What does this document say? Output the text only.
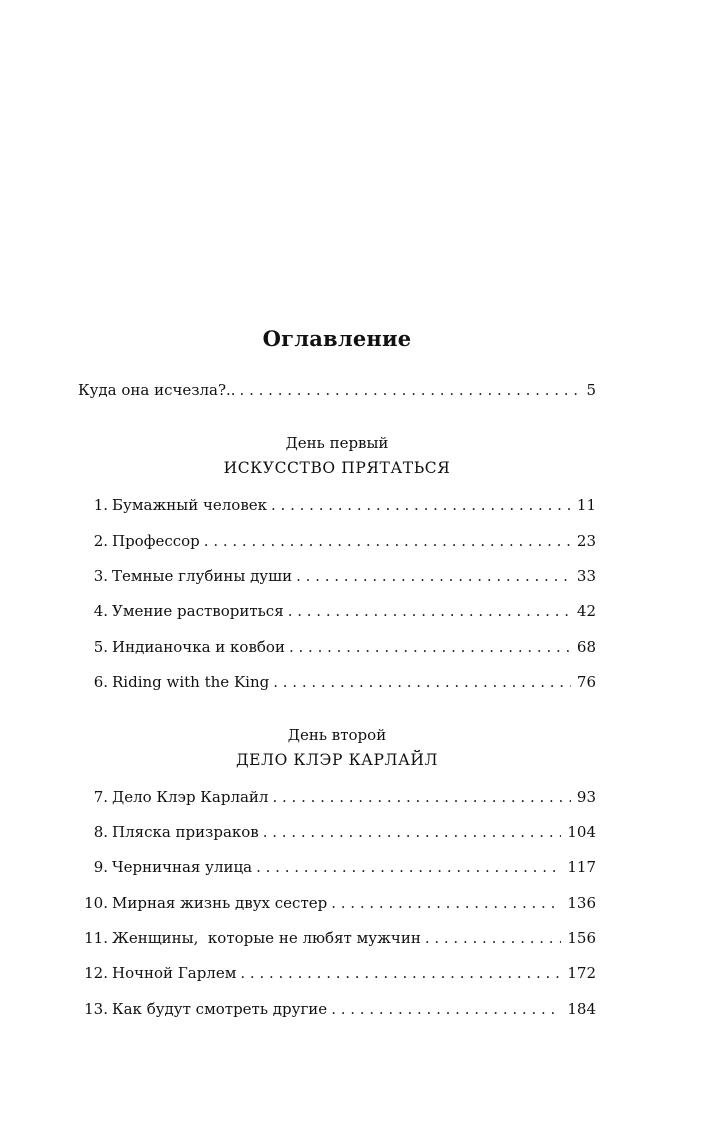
Оглавление
Куда она исчезла?.. . . .	5
День первый
ИСКУССТВО ПРЯТАТЬСЯ
1. Бумажный человек . . .	11
2. Профессор . . .	23
3. Темные глубины души . . .	33
4. Умение раствориться . . .	42
5. Индианочка и ковбои . . .	68
6. Riding with the King . . .	76
День второй
ДЕЛО КЛЭР КАРЛАЙЛ
7. Дело Клэр Карлайл . . .	93
8. Пляска призраков . . .	104
9. Черничная улица . . .	117
10. Мирная жизнь двух сестер . . .	136
11. Женщины,  которые не любят мужчин . . .	156
12. Ночной Гарлем . . .	172
13. Как будут смотреть другие . . .	184
